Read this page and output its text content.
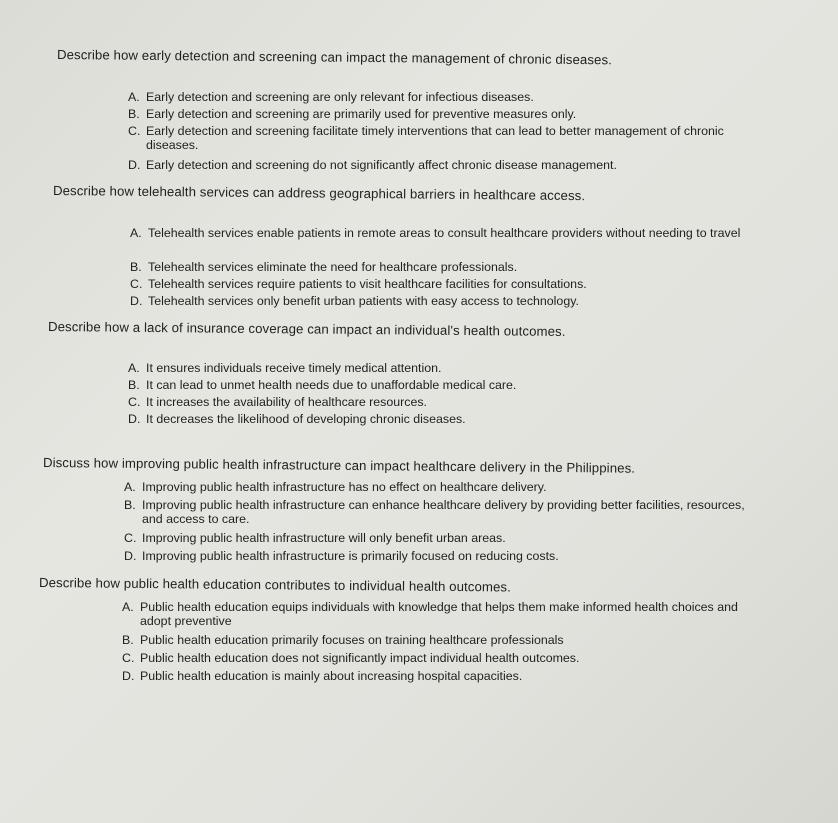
Describe how early detection and screening can impact the management of chronic diseases.
A. Early detection and screening are only relevant for infectious diseases.
B. Early detection and screening are primarily used for preventive measures only.
C. Early detection and screening facilitate timely interventions that can lead to better management of chronic diseases.
D. Early detection and screening do not significantly affect chronic disease management.
Describe how telehealth services can address geographical barriers in healthcare access.
A. Telehealth services enable patients in remote areas to consult healthcare providers without needing to travel
B. Telehealth services eliminate the need for healthcare professionals.
C. Telehealth services require patients to visit healthcare facilities for consultations.
D. Telehealth services only benefit urban patients with easy access to technology.
Describe how a lack of insurance coverage can impact an individual's health outcomes.
A. It ensures individuals receive timely medical attention.
B. It can lead to unmet health needs due to unaffordable medical care.
C. It increases the availability of healthcare resources.
D. It decreases the likelihood of developing chronic diseases.
Discuss how improving public health infrastructure can impact healthcare delivery in the Philippines.
A. Improving public health infrastructure has no effect on healthcare delivery.
B. Improving public health infrastructure can enhance healthcare delivery by providing better facilities, resources, and access to care.
C. Improving public health infrastructure will only benefit urban areas.
D. Improving public health infrastructure is primarily focused on reducing costs.
Describe how public health education contributes to individual health outcomes.
A. Public health education equips individuals with knowledge that helps them make informed health choices and adopt preventive
B. Public health education primarily focuses on training healthcare professionals
C. Public health education does not significantly impact individual health outcomes.
D. Public health education is mainly about increasing hospital capacities.
